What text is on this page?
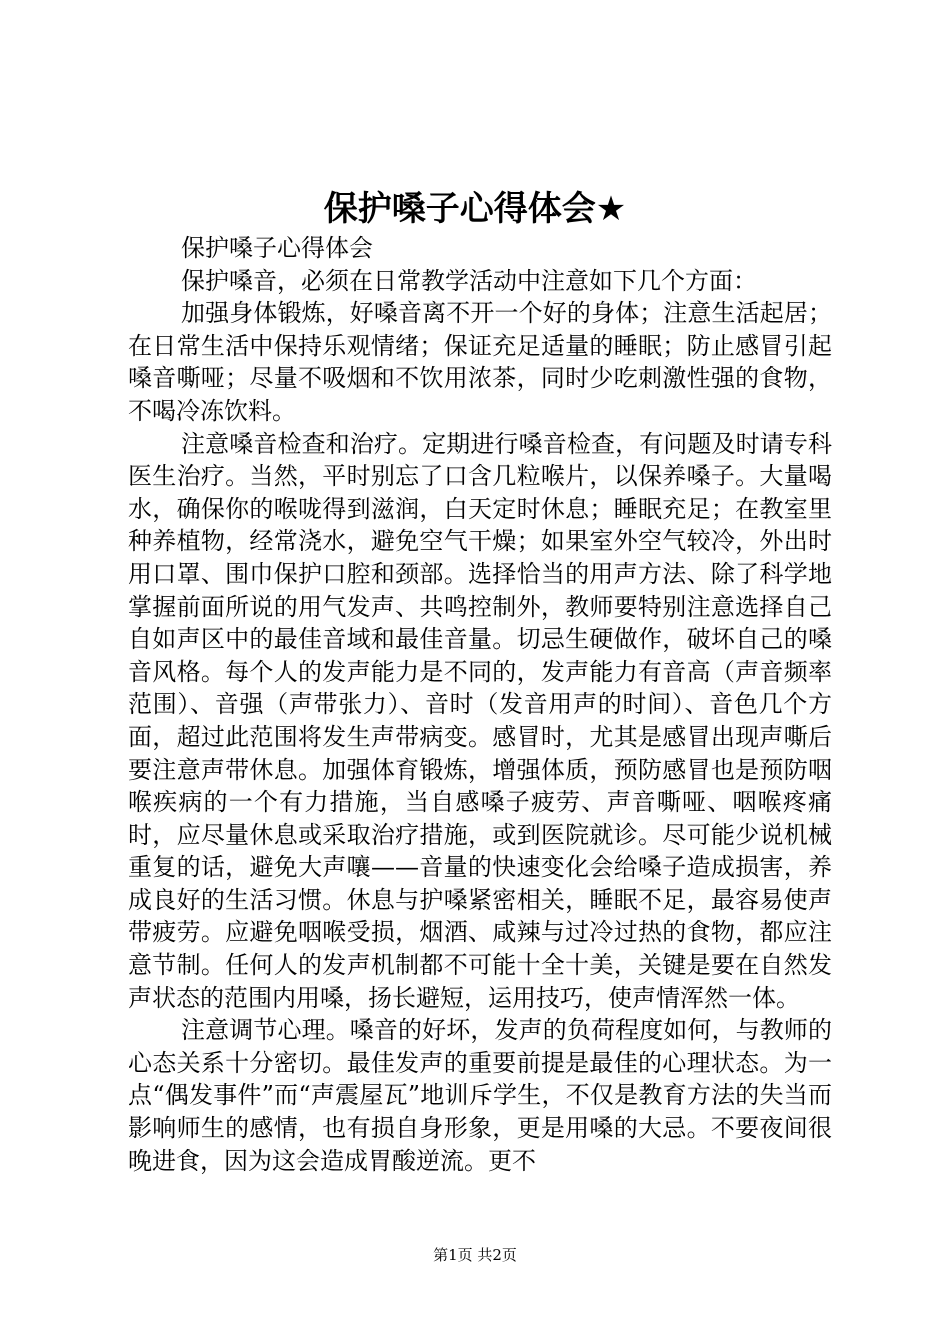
保护嗓子心得体会★

保护嗓子心得体会

保护嗓音，必须在日常教学活动中注意如下几个方面：

加强身体锻炼，好嗓音离不开一个好的身体；注意生活起居；在日常生活中保持乐观情绪；保证充足适量的睡眠；防止感冒引起嗓音嘶哑；尽量不吸烟和不饮用浓茶，同时少吃刺激性强的食物，不喝冷冻饮料。

注意嗓音检查和治疗。定期进行嗓音检查，有问题及时请专科医生治疗。当然，平时别忘了口含几粒喉片，以保养嗓子。大量喝水，确保你的喉咙得到滋润，白天定时休息；睡眠充足；在教室里种养植物，经常浇水，避免空气干燥；如果室外空气较冷，外出时用口罩、围巾保护口腔和颈部。选择恰当的用声方法、除了科学地掌握前面所说的用气发声、共鸣控制外，教师要特别注意选择自己自如声区中的最佳音域和最佳音量。切忌生硬做作，破坏自己的嗓音风格。每个人的发声能力是不同的，发声能力有音高（声音频率范围）、音强（声带张力）、音时（发音用声的时间）、音色几个方面，超过此范围将发生声带病变。感冒时，尤其是感冒出现声嘶后要注意声带休息。加强体育锻炼，增强体质，预防感冒也是预防咽喉疾病的一个有力措施，当自感嗓子疲劳、声音嘶哑、咽喉疼痛时，应尽量休息或采取治疗措施，或到医院就诊。尽可能少说机械重复的话，避免大声嚷——音量的快速变化会给嗓子造成损害，养成良好的生活习惯。休息与护嗓紧密相关，睡眠不足，最容易使声带疲劳。应避免咽喉受损，烟酒、咸辣与过冷过热的食物，都应注意节制。任何人的发声机制都不可能十全十美，关键是要在自然发声状态的范围内用嗓，扬长避短，运用技巧，使声情浑然一体。

注意调节心理。嗓音的好坏，发声的负荷程度如何，与教师的心态关系十分密切。最佳发声的重要前提是最佳的心理状态。为一点“偶发事件”而“声震屋瓦”地训斥学生，不仅是教育方法的失当而影响师生的感情，也有损自身形象，更是用嗓的大忌。不要夜间很晚进食，因为这会造成胃酸逆流。更不

第1页 共2页
